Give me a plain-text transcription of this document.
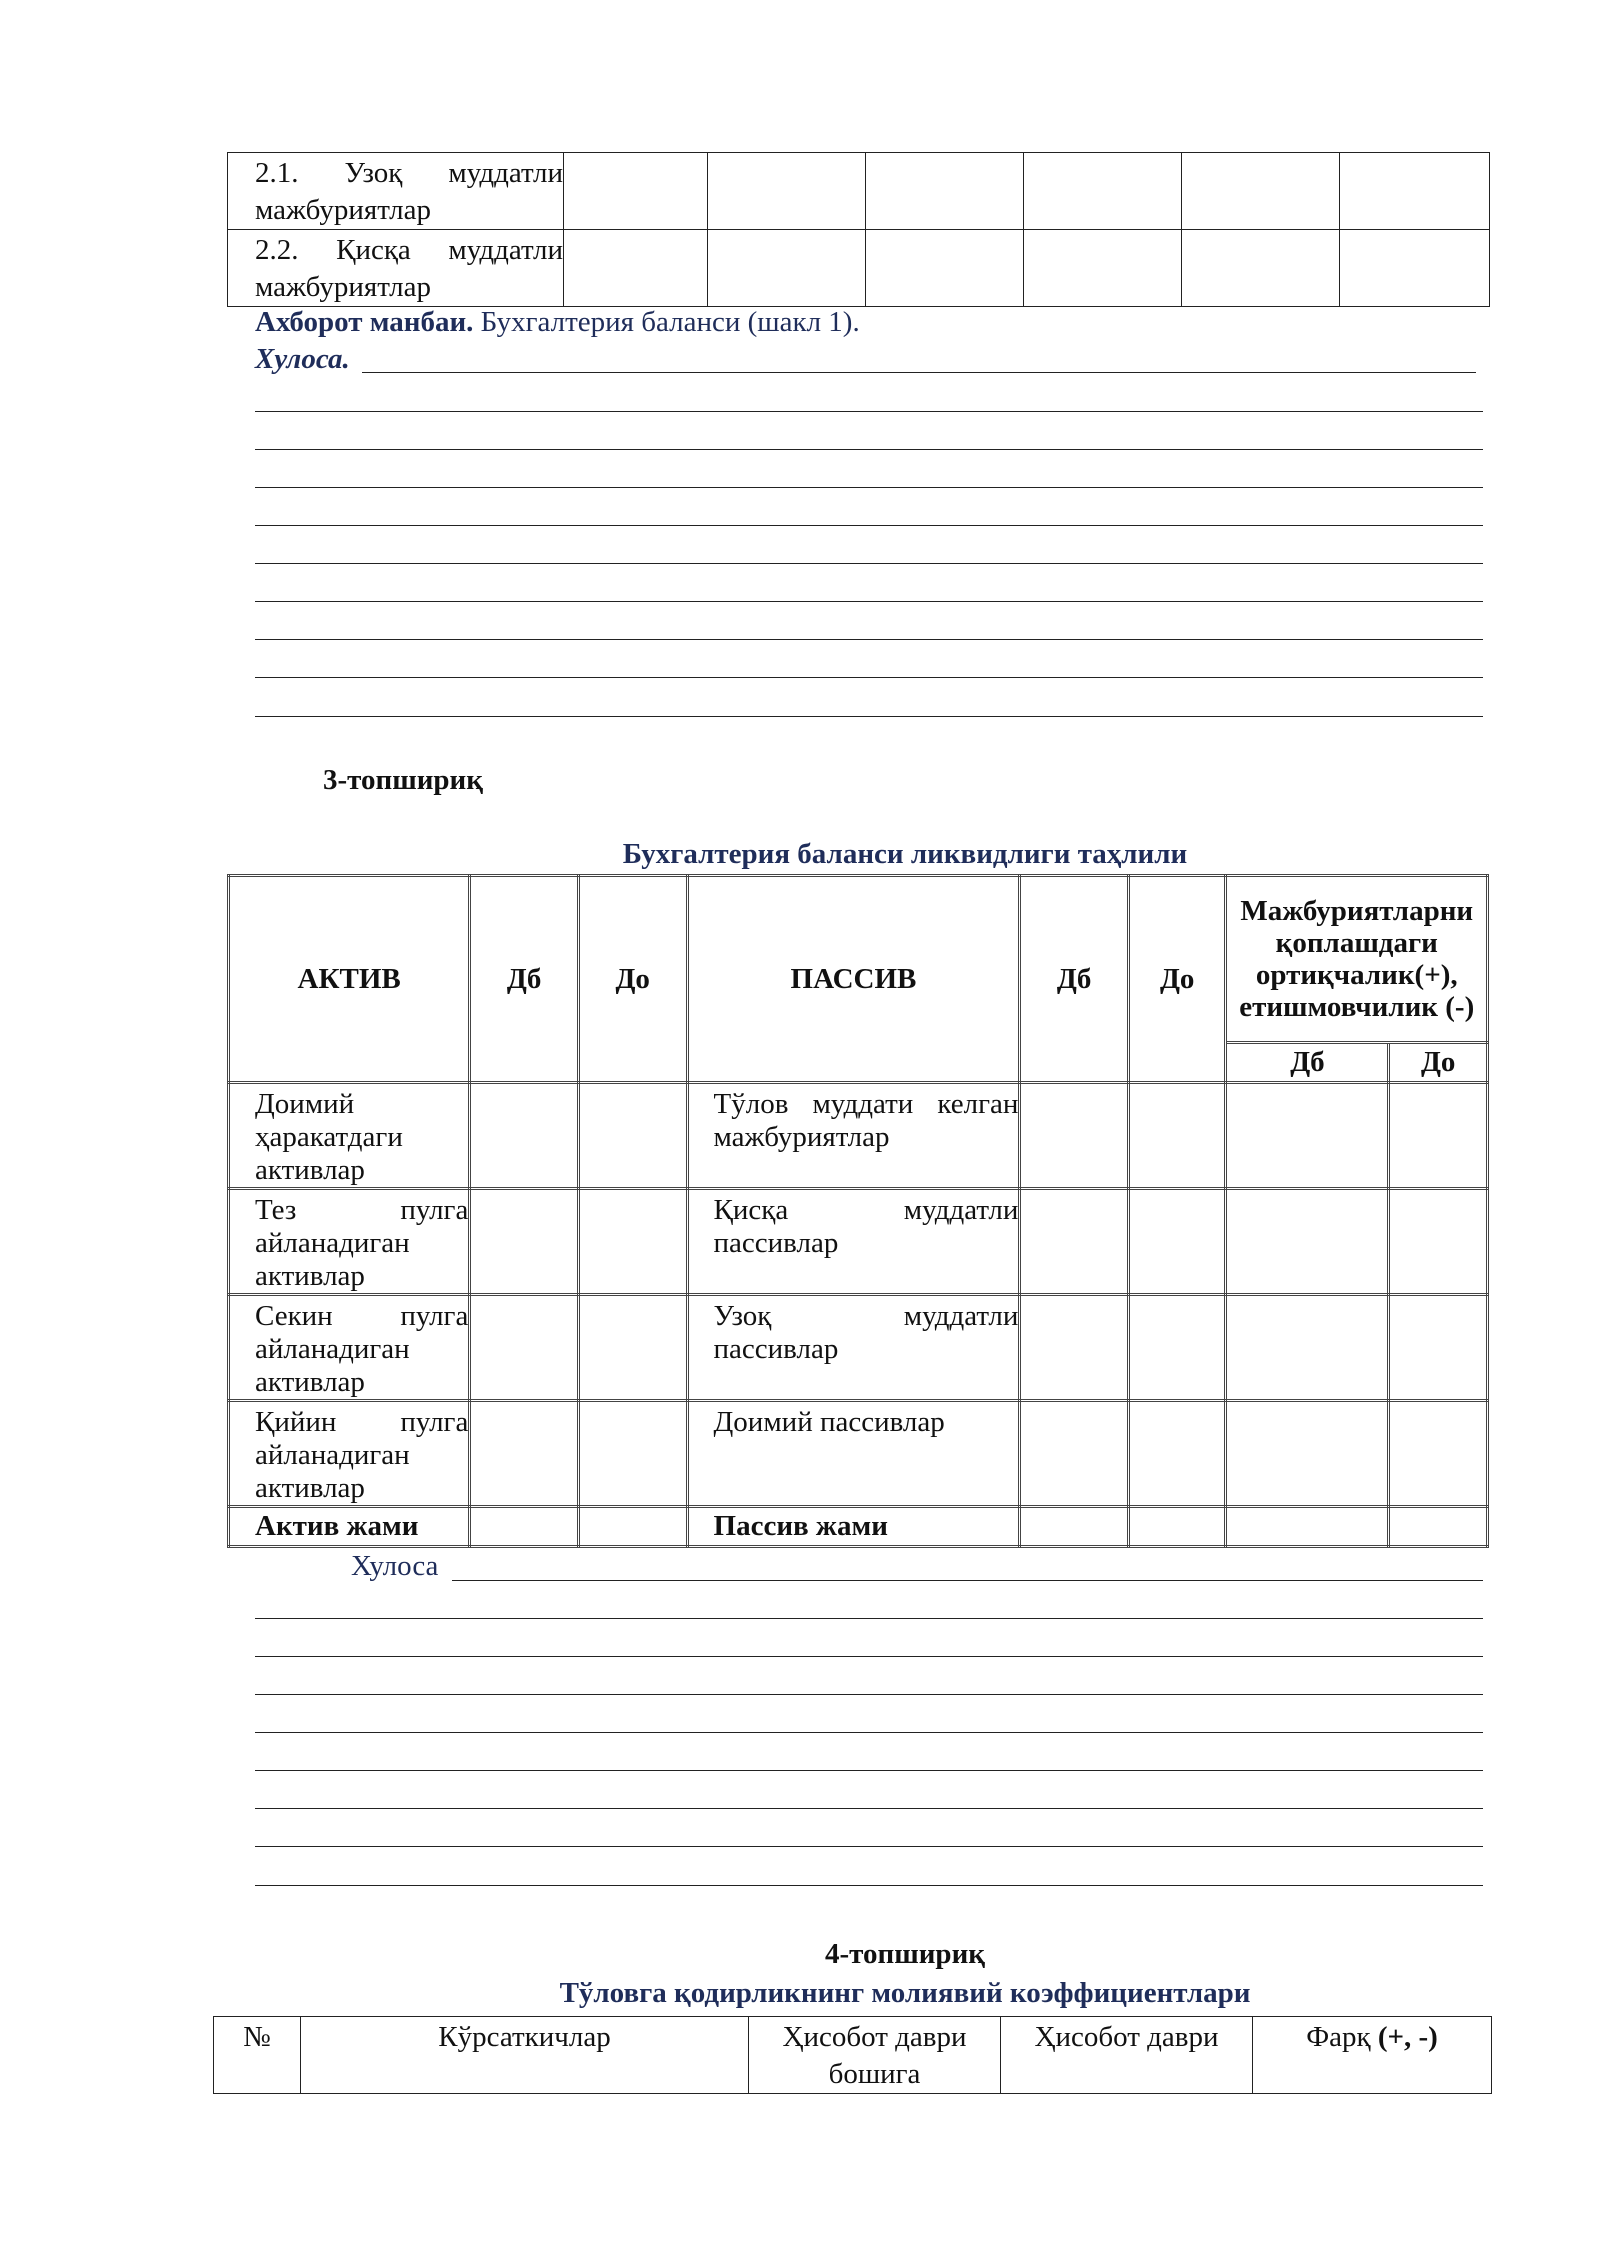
2.1. Узоқ муддатли мажбуриятлар						
2.2. Қисқа муддатли мажбуриятлар						
Ахборот манбаи. Бухгалтерия баланси (шакл 1).
Хулоса.
3-топшириқ
Бухгалтерия баланси ликвидлиги таҳлили
АКТИВ	Дб	До	ПАССИВ	Дб	До	Мажбуриятларни қоплашдаги ортиқчалик(+), етишмовчилик (-)	
						Дб	До
Доимий ҳаракатдаги активлар			Тўлов муддати келган мажбуриятлар				
Тез пулга айланадиган активлар			Қисқа муддатли пассивлар				
Секин пулга айланадиган активлар			Узоқ муддатли пассивлар				
Қийин пулга айланадиган активлар			Доимий пассивлар				
Актив жами			Пассив жами				
Хулоса
4-топшириқ
Тўловга қодирликнинг молиявий коэффициентлари
№	Кўрсаткичлар	Ҳисобот даври бошига	Ҳисобот даври	Фарқ (+, -)
